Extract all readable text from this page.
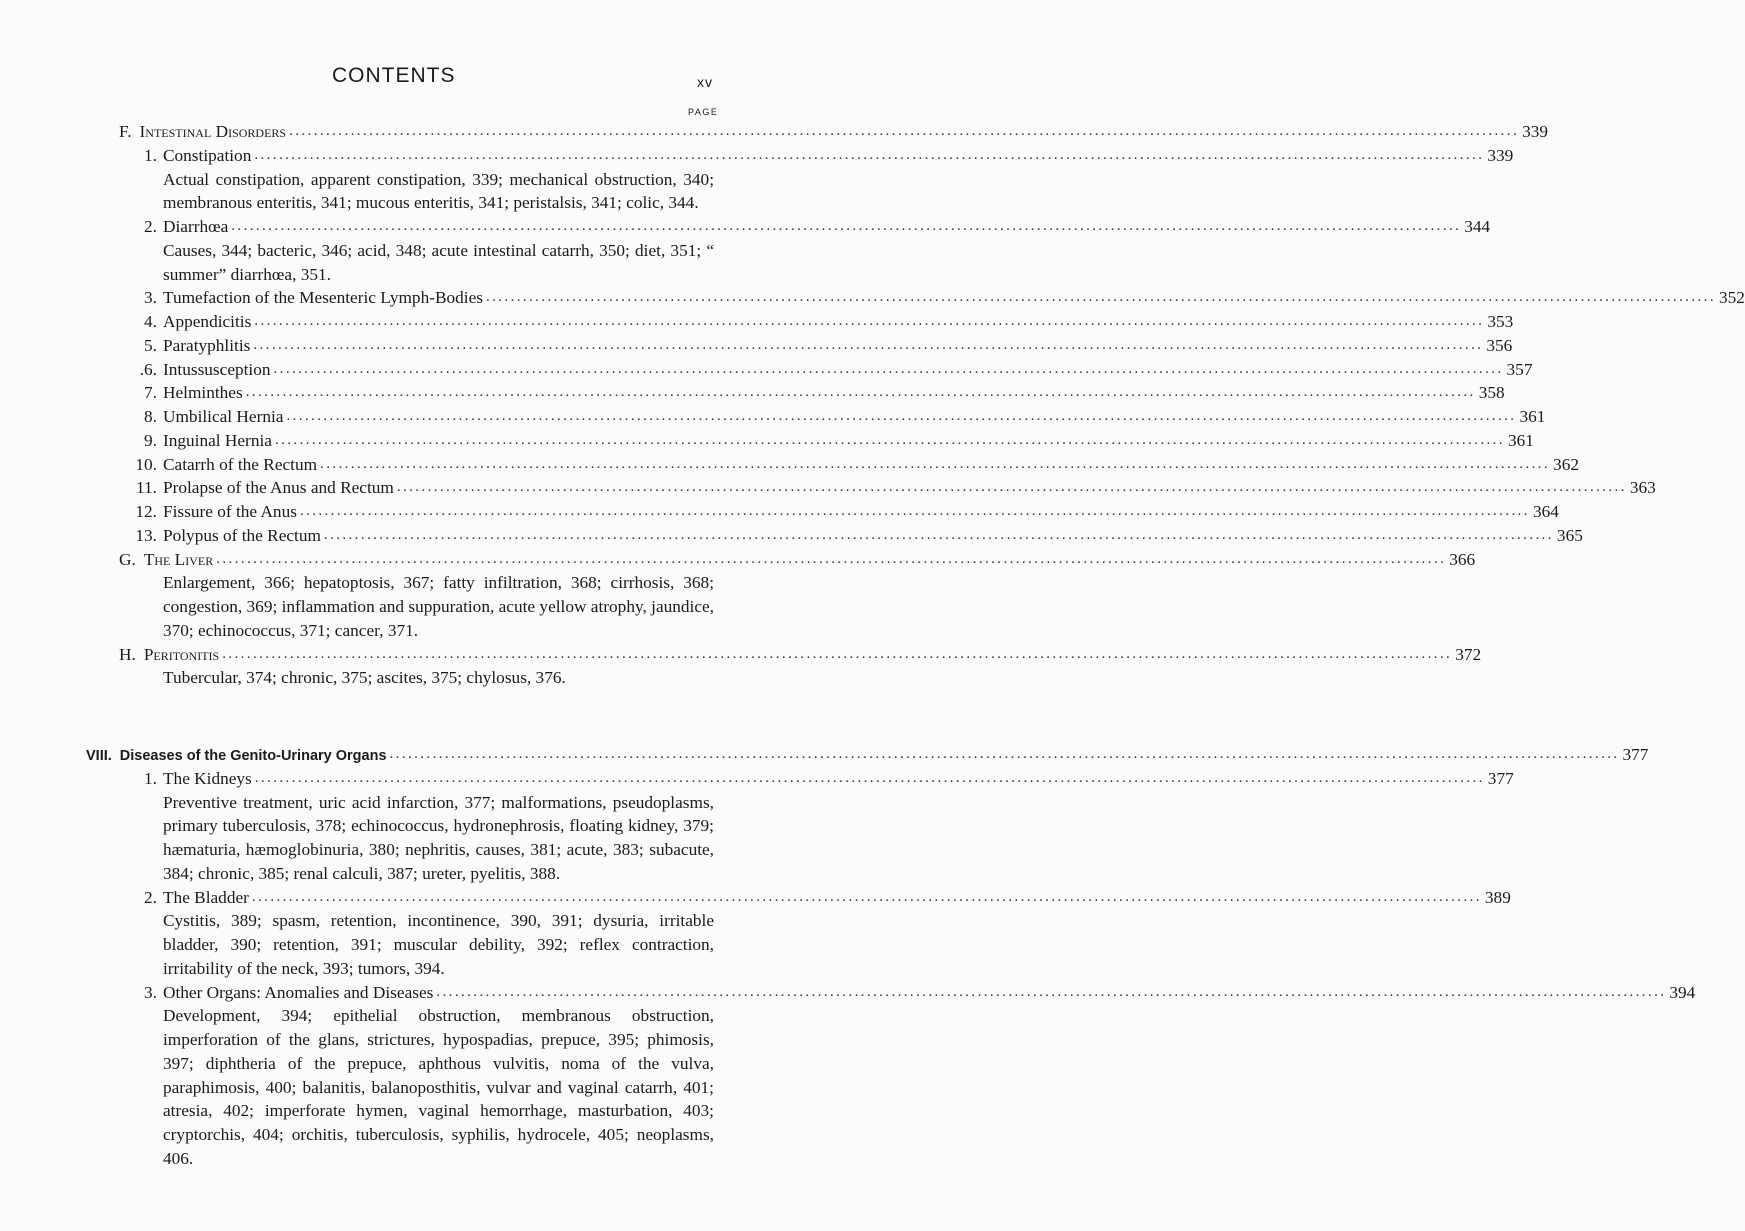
CONTENTS	xv
PAGE
F. Intestinal Disorders ........................................................................................................................................................................................................ 339
1. Constipation ........................................................................................................................................................................................................ 339
Actual constipation, apparent constipation, 339; mechanical obstruction, 340; membranous enteritis, 341; mucous enteritis, 341; peristalsis, 341; colic, 344.
2. Diarrhœa ........................................................................................................................................................................................................ 344
Causes, 344; bacteric, 346; acid, 348; acute intestinal catarrh, 350; diet, 351; “ summer” diarrhœa, 351.
3. Tumefaction of the Mesenteric Lymph-Bodies ........................................................................................................................................................................................................ 352
4. Appendicitis ........................................................................................................................................................................................................ 353
5. Paratyphlitis ........................................................................................................................................................................................................ 356
.6. Intussusception ........................................................................................................................................................................................................ 357
7. Helminthes ........................................................................................................................................................................................................ 358
8. Umbilical Hernia ........................................................................................................................................................................................................ 361
9. Inguinal Hernia ........................................................................................................................................................................................................ 361
10. Catarrh of the Rectum ........................................................................................................................................................................................................ 362
11. Prolapse of the Anus and Rectum ........................................................................................................................................................................................................ 363
12. Fissure of the Anus ........................................................................................................................................................................................................ 364
13. Polypus of the Rectum ........................................................................................................................................................................................................ 365
G. The Liver ........................................................................................................................................................................................................ 366
Enlargement, 366; hepatoptosis, 367; fatty infiltration, 368; cirrhosis, 368; congestion, 369; inflammation and suppuration, acute yellow atrophy, jaundice, 370; echinococcus, 371; cancer, 371.
H. Peritonitis ........................................................................................................................................................................................................ 372
Tubercular, 374; chronic, 375; ascites, 375; chylosus, 376.
VIII. Diseases of the Genito-Urinary Organs ........................................................................................................................................................................................................ 377
1. The Kidneys ........................................................................................................................................................................................................ 377
Preventive treatment, uric acid infarction, 377; malformations, pseudoplasms, primary tuberculosis, 378; echinococcus, hydronephrosis, floating kidney, 379; hæmaturia, hæmoglobinuria, 380; nephritis, causes, 381; acute, 383; subacute, 384; chronic, 385; renal calculi, 387; ureter, pyelitis, 388.
2. The Bladder ........................................................................................................................................................................................................ 389
Cystitis, 389; spasm, retention, incontinence, 390, 391; dysuria, irritable bladder, 390; retention, 391; muscular debility, 392; reflex contraction, irritability of the neck, 393; tumors, 394.
3. Other Organs: Anomalies and Diseases ........................................................................................................................................................................................................ 394
Development, 394; epithelial obstruction, membranous obstruction, imperforation of the glans, strictures, hypospadias, prepuce, 395; phimosis, 397; diphtheria of the prepuce, aphthous vulvitis, noma of the vulva, paraphimosis, 400; balanitis, balanoposthitis, vulvar and vaginal catarrh, 401; atresia, 402; imperforate hymen, vaginal hemorrhage, masturbation, 403; cryptorchis, 404; orchitis, tuberculosis, syphilis, hydrocele, 405; neoplasms, 406.
